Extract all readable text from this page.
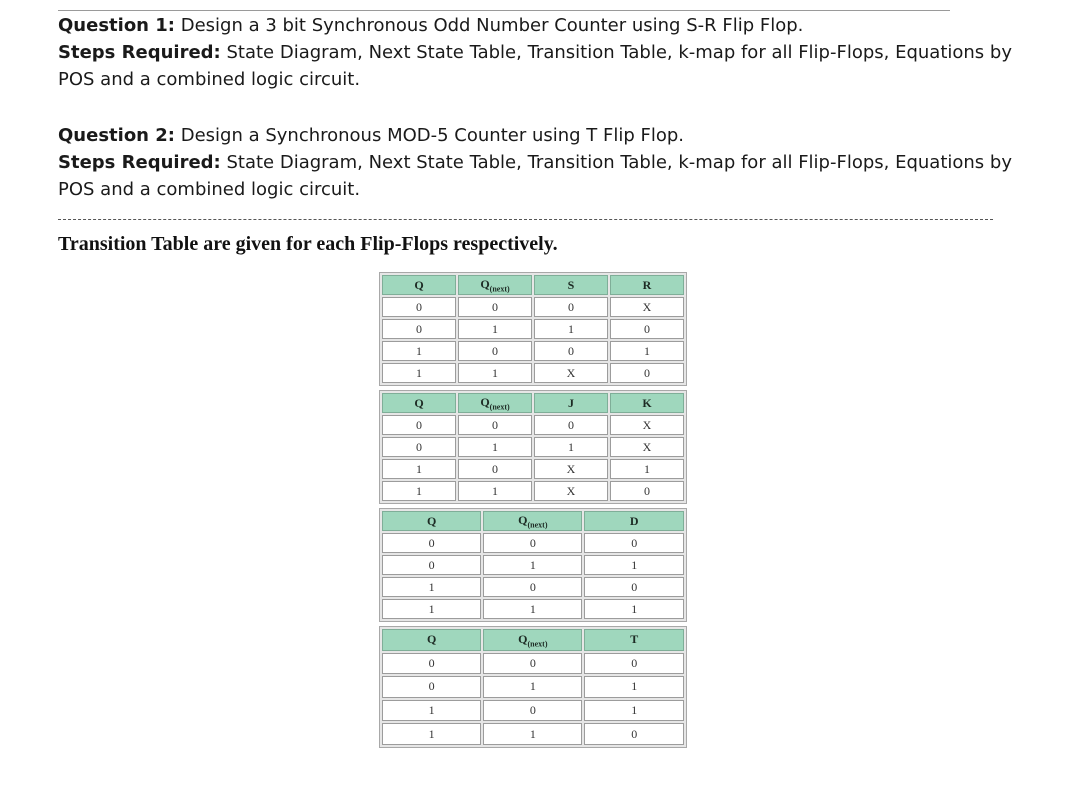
Question 1: Design a 3 bit Synchronous Odd Number Counter using S-R Flip Flop.
Steps Required: State Diagram, Next State Table, Transition Table, k-map for all Flip-Flops, Equations by POS and a combined logic circuit.
Question 2: Design a Synchronous MOD-5 Counter using T Flip Flop.
Steps Required: State Diagram, Next State Table, Transition Table, k-map for all Flip-Flops, Equations by POS and a combined logic circuit.
Transition Table are given for each Flip-Flops respectively.
Q	$Q_{(next)}$	S	R
0	0	0	X
0	1	1	0
1	0	0	1
1	1	X	0
Q	$Q_{(next)}$	J	K
0	0	0	X
0	1	1	X
1	0	X	1
1	1	X	0
Q	$Q_{(next)}$	D
0	0	0
0	1	1
1	0	0
1	1	1
Q	$Q_{(next)}$	T
0	0	0
0	1	1
1	0	1
1	1	0
